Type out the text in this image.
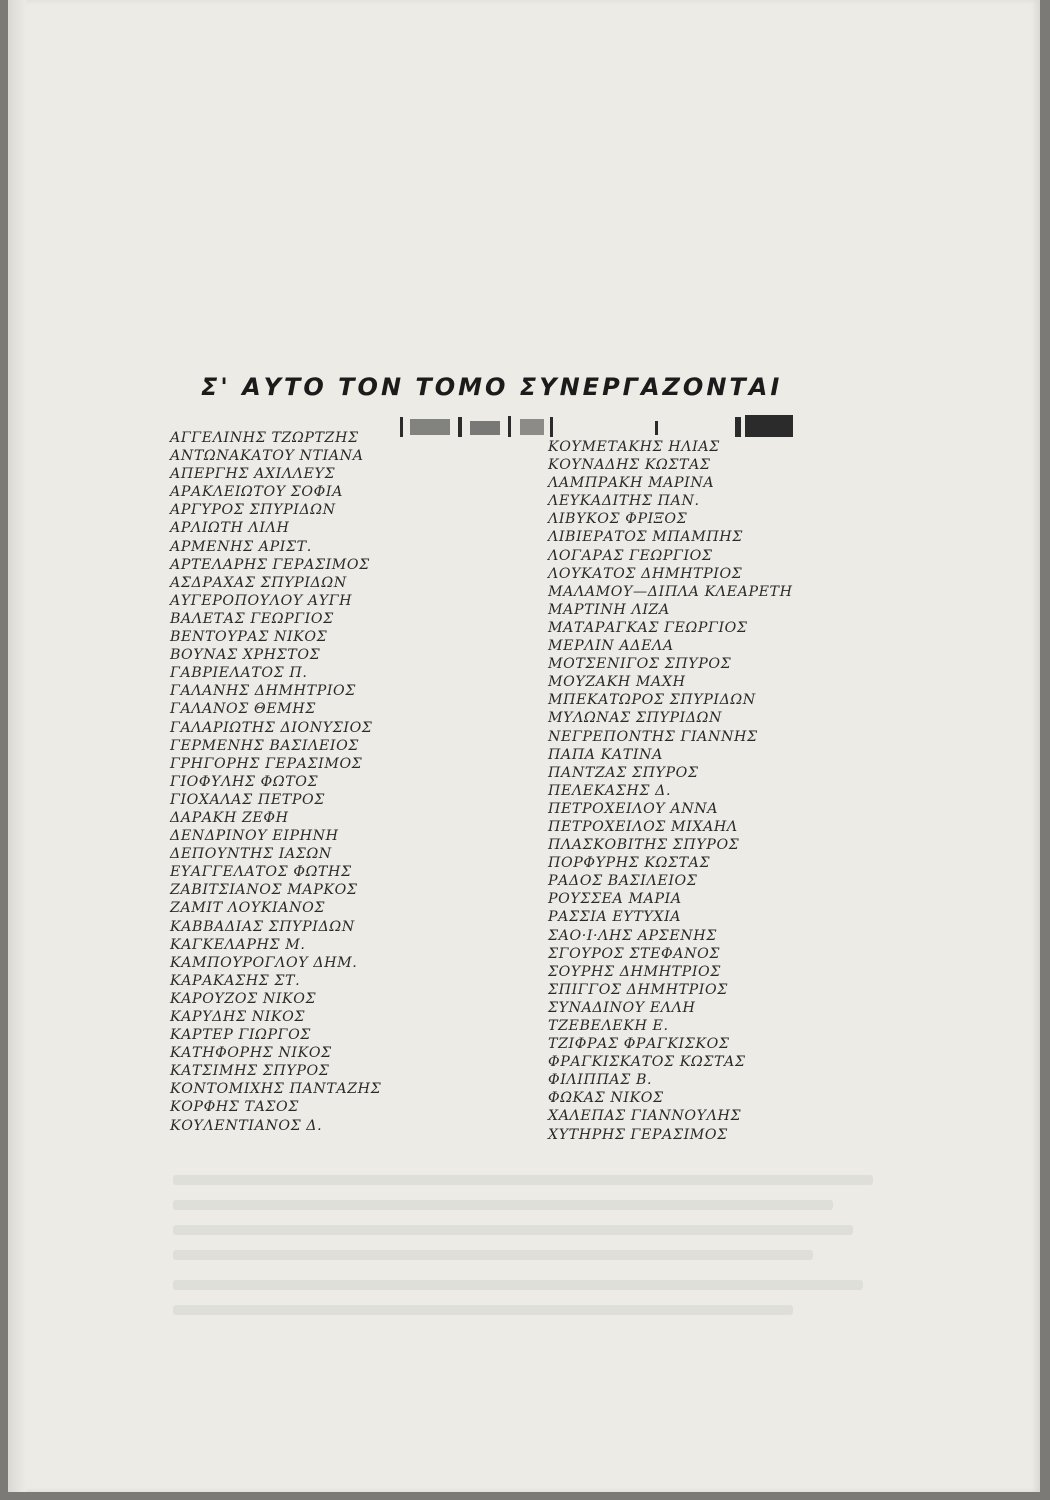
Σ' ΑΥΤΟ ΤΟΝ ΤΟΜΟ ΣΥΝΕΡΓΑΖΟΝΤΑΙ
ΑΓΓΕΛΙΝΗΣ ΤΖΩΡΤΖΗΣ
ΑΝΤΩΝΑΚΑΤΟΥ ΝΤΙΑΝΑ
ΑΠΕΡΓΗΣ ΑΧΙΛΛΕΥΣ
ΑΡΑΚΛΕΙΩΤΟΥ ΣΟΦΙΑ
ΑΡΓΥΡΟΣ ΣΠΥΡΙΔΩΝ
ΑΡΛΙΩΤΗ ΛΙΛΗ
ΑΡΜΕΝΗΣ ΑΡΙΣΤ.
ΑΡΤΕΛΑΡΗΣ ΓΕΡΑΣΙΜΟΣ
ΑΣΔΡΑΧΑΣ ΣΠΥΡΙΔΩΝ
ΑΥΓΕΡΟΠΟΥΛΟΥ ΑΥΓΗ
ΒΑΛΕΤΑΣ ΓΕΩΡΓΙΟΣ
ΒΕΝΤΟΥΡΑΣ ΝΙΚΟΣ
ΒΟΥΝΑΣ ΧΡΗΣΤΟΣ
ΓΑΒΡΙΕΛΑΤΟΣ Π.
ΓΑΛΑΝΗΣ ΔΗΜΗΤΡΙΟΣ
ΓΑΛΑΝΟΣ ΘΕΜΗΣ
ΓΑΛΑΡΙΩΤΗΣ ΔΙΟΝΥΣΙΟΣ
ΓΕΡΜΕΝΗΣ ΒΑΣΙΛΕΙΟΣ
ΓΡΗΓΟΡΗΣ ΓΕΡΑΣΙΜΟΣ
ΓΙΟΦΥΛΗΣ ΦΩΤΟΣ
ΓΙΟΧΑΛΑΣ ΠΕΤΡΟΣ
ΔΑΡΑΚΗ ΖΕΦΗ
ΔΕΝΔΡΙΝΟΥ ΕΙΡΗΝΗ
ΔΕΠΟΥΝΤΗΣ ΙΑΣΩΝ
ΕΥΑΓΓΕΛΑΤΟΣ ΦΩΤΗΣ
ΖΑΒΙΤΣΙΑΝΟΣ ΜΑΡΚΟΣ
ΖΑΜΙΤ ΛΟΥΚΙΑΝΟΣ
ΚΑΒΒΑΔΙΑΣ ΣΠΥΡΙΔΩΝ
ΚΑΓΚΕΛΑΡΗΣ Μ.
ΚΑΜΠΟΥΡΟΓΛΟΥ ΔΗΜ.
ΚΑΡΑΚΑΣΗΣ ΣΤ.
ΚΑΡΟΥΖΟΣ ΝΙΚΟΣ
ΚΑΡΥΔΗΣ ΝΙΚΟΣ
ΚΑΡΤΕΡ ΓΙΩΡΓΟΣ
ΚΑΤΗΦΟΡΗΣ ΝΙΚΟΣ
ΚΑΤΣΙΜΗΣ ΣΠΥΡΟΣ
ΚΟΝΤΟΜΙΧΗΣ ΠΑΝΤΑΖΗΣ
ΚΟΡΦΗΣ ΤΑΣΟΣ
ΚΟΥΛΕΝΤΙΑΝΟΣ Δ.
ΚΟΥΜΕΤΑΚΗΣ ΗΛΙΑΣ
ΚΟΥΝΑΔΗΣ ΚΩΣΤΑΣ
ΛΑΜΠΡΑΚΗ ΜΑΡΙΝΑ
ΛΕΥΚΑΔΙΤΗΣ ΠΑΝ.
ΛΙΒΥΚΟΣ ΦΡΙΞΟΣ
ΛΙΒΙΕΡΑΤΟΣ ΜΠΑΜΠΗΣ
ΛΟΓΑΡΑΣ ΓΕΩΡΓΙΟΣ
ΛΟΥΚΑΤΟΣ ΔΗΜΗΤΡΙΟΣ
ΜΑΛΑΜΟΥ—ΔΙΠΛΑ ΚΛΕΑΡΕΤΗ
ΜΑΡΤΙΝΗ ΛΙΖΑ
ΜΑΤΑΡΑΓΚΑΣ ΓΕΩΡΓΙΟΣ
ΜΕΡΛΙΝ ΑΔΕΛΑ
ΜΟΤΣΕΝΙΓΟΣ ΣΠΥΡΟΣ
ΜΟΥΖΑΚΗ ΜΑΧΗ
ΜΠΕΚΑΤΩΡΟΣ ΣΠΥΡΙΔΩΝ
ΜΥΛΩΝΑΣ ΣΠΥΡΙΔΩΝ
ΝΕΓΡΕΠΟΝΤΗΣ ΓΙΑΝΝΗΣ
ΠΑΠΑ ΚΑΤΙΝΑ
ΠΑΝΤΖΑΣ ΣΠΥΡΟΣ
ΠΕΛΕΚΑΣΗΣ Δ.
ΠΕΤΡΟΧΕΙΛΟΥ ΑΝΝΑ
ΠΕΤΡΟΧΕΙΛΟΣ ΜΙΧΑΗΛ
ΠΛΑΣΚΟΒΙΤΗΣ ΣΠΥΡΟΣ
ΠΟΡΦΥΡΗΣ ΚΩΣΤΑΣ
ΡΑΔΟΣ ΒΑΣΙΛΕΙΟΣ
ΡΟΥΣΣΕΑ ΜΑΡΙΑ
ΡΑΣΣΙΑ ΕΥΤΥΧΙΑ
ΣΑΟ·Ι·ΛΗΣ ΑΡΣΕΝΗΣ
ΣΓΟΥΡΟΣ ΣΤΕΦΑΝΟΣ
ΣΟΥΡΗΣ ΔΗΜΗΤΡΙΟΣ
ΣΠΙΓΓΟΣ ΔΗΜΗΤΡΙΟΣ
ΣΥΝΑΔΙΝΟΥ ΕΛΛΗ
ΤΖΕΒΕΛΕΚΗ Ε.
ΤΖΙΦΡΑΣ ΦΡΑΓΚΙΣΚΟΣ
ΦΡΑΓΚΙΣΚΑΤΟΣ ΚΩΣΤΑΣ
ΦΙΛΙΠΠΑΣ Β.
ΦΩΚΑΣ ΝΙΚΟΣ
ΧΑΛΕΠΑΣ ΓΙΑΝΝΟΥΛΗΣ
ΧΥΤΗΡΗΣ ΓΕΡΑΣΙΜΟΣ
